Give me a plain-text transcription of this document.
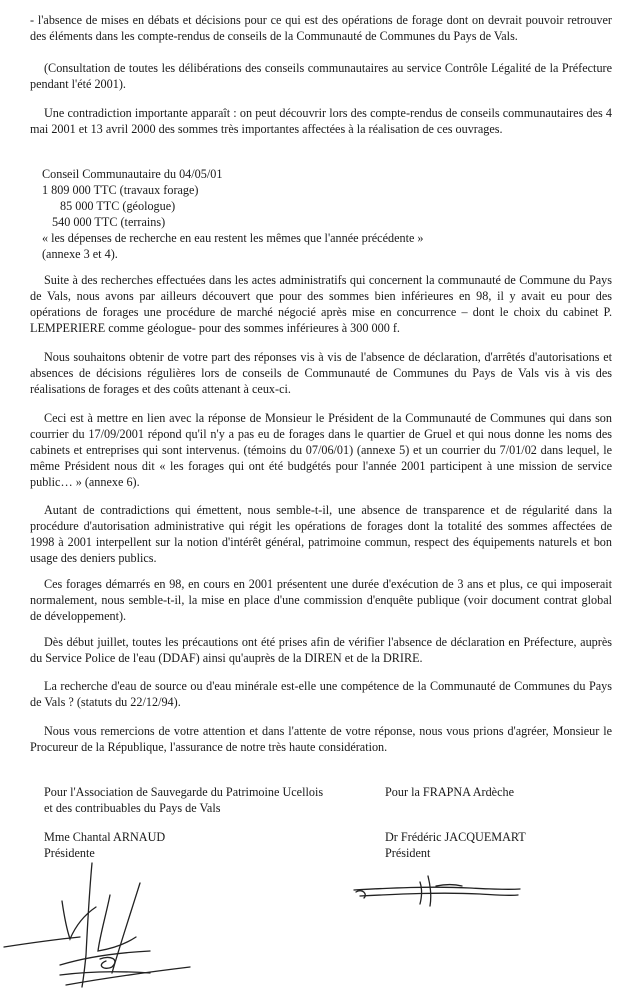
- l'absence de mises en débats et décisions pour ce qui est des opérations de forage dont on devrait pouvoir retrouver des éléments dans les compte-rendus de conseils de la Communauté de Communes du Pays de Vals.

(Consultation de toutes les délibérations des conseils communautaires au service Contrôle Légalité de la Préfecture pendant l'été 2001).

Une contradiction importante apparaît : on peut découvrir lors des compte-rendus de conseils communautaires des 4 mai 2001 et 13 avril 2000 des sommes très importantes affectées à la réalisation de ces ouvrages.

Conseil Communautaire du 04/05/01
1 809 000 TTC (travaux forage)
85 000 TTC (géologue)
540 000 TTC (terrains)
« les dépenses de recherche en eau restent les mêmes que l'année précédente »
(annexe 3 et 4).

Suite à des recherches effectuées dans les actes administratifs qui concernent la communauté de Commune du Pays de Vals, nous avons par ailleurs découvert que pour des sommes bien inférieures en 98, il y avait eu pour des opérations de forages une procédure de marché négocié après mise en concurrence – dont le choix du cabinet P. LEMPERIERE comme géologue- pour des sommes inférieures à 300 000 f.

Nous souhaitons obtenir de votre part des réponses vis à vis de l'absence de déclaration, d'arrêtés d'autorisations et absences de décisions régulières lors de conseils de Communauté de Communes du Pays de Vals vis à vis des réalisations de forages et des coûts attenant à ceux-ci.

Ceci est à mettre en lien avec la réponse de Monsieur le Président de la Communauté de Communes qui dans son courrier du 17/09/2001 répond qu'il n'y a pas eu de forages dans le quartier de Gruel et qui nous donne les noms des cabinets et entreprises qui sont intervenus. (témoins du 07/06/01) (annexe 5) et un courrier du 7/01/02 dans lequel, le même Président nous dit « les forages qui ont été budgétés pour l'année 2001 participent à une mission de service public… » (annexe 6).

Autant de contradictions qui émettent, nous semble-t-il, une absence de transparence et de régularité dans la procédure d'autorisation administrative qui régit les opérations de forages dont la totalité des sommes affectées de 1998 à 2001 interpellent sur la notion d'intérêt général, patrimoine commun, respect des équipements naturels et bon usage des deniers publics.

Ces forages démarrés en 98, en cours en 2001 présentent une durée d'exécution de 3 ans et plus, ce qui imposerait normalement, nous semble-t-il, la mise en place d'une commission d'enquête publique (voir document contrat global de développement).

Dès début juillet, toutes les précautions ont été prises afin de vérifier l'absence de déclaration en Préfecture, auprès du Service Police de l'eau (DDAF) ainsi qu'auprès de la DIREN et de la DRIRE.

La recherche d'eau de source ou d'eau minérale est-elle une compétence de la Communauté de Communes du Pays de Vals ? (statuts du 22/12/94).

Nous vous remercions de votre attention et dans l'attente de votre réponse, nous vous prions d'agréer, Monsieur le Procureur de la République, l'assurance de notre très haute considération.

Pour l'Association de Sauvegarde du Patrimoine Ucellois
et des contribuables du Pays de Vals
Pour la FRAPNA Ardèche
Mme Chantal ARNAUD
Présidente
Dr Frédéric JACQUEMART
Président
